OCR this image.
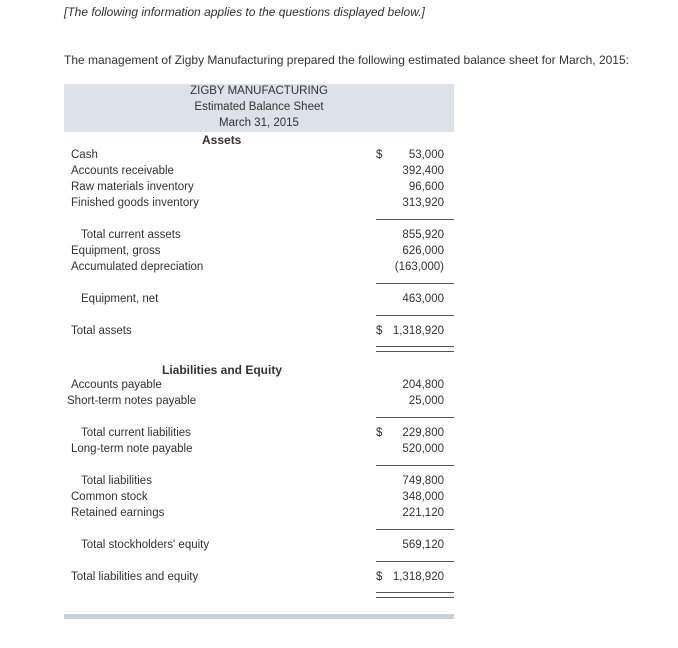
[The following information applies to the questions displayed below.]
The management of Zigby Manufacturing prepared the following estimated balance sheet for March, 2015:
ZIGBY MANUFACTURING
Estimated Balance Sheet
March 31, 2015
Assets
Cash	$ 53,000
Accounts receivable	392,400
Raw materials inventory	96,600
Finished goods inventory	313,920
Total current assets	855,920
Equipment, gross	626,000
Accumulated depreciation	(163,000)
Equipment, net	463,000
Total assets	$ 1,318,920
Liabilities and Equity
Accounts payable	204,800
Short-term notes payable	25,000
Total current liabilities	$ 229,800
Long-term note payable	520,000
Total liabilities	749,800
Common stock	348,000
Retained earnings	221,120
Total stockholders' equity	569,120
Total liabilities and equity	$ 1,318,920
